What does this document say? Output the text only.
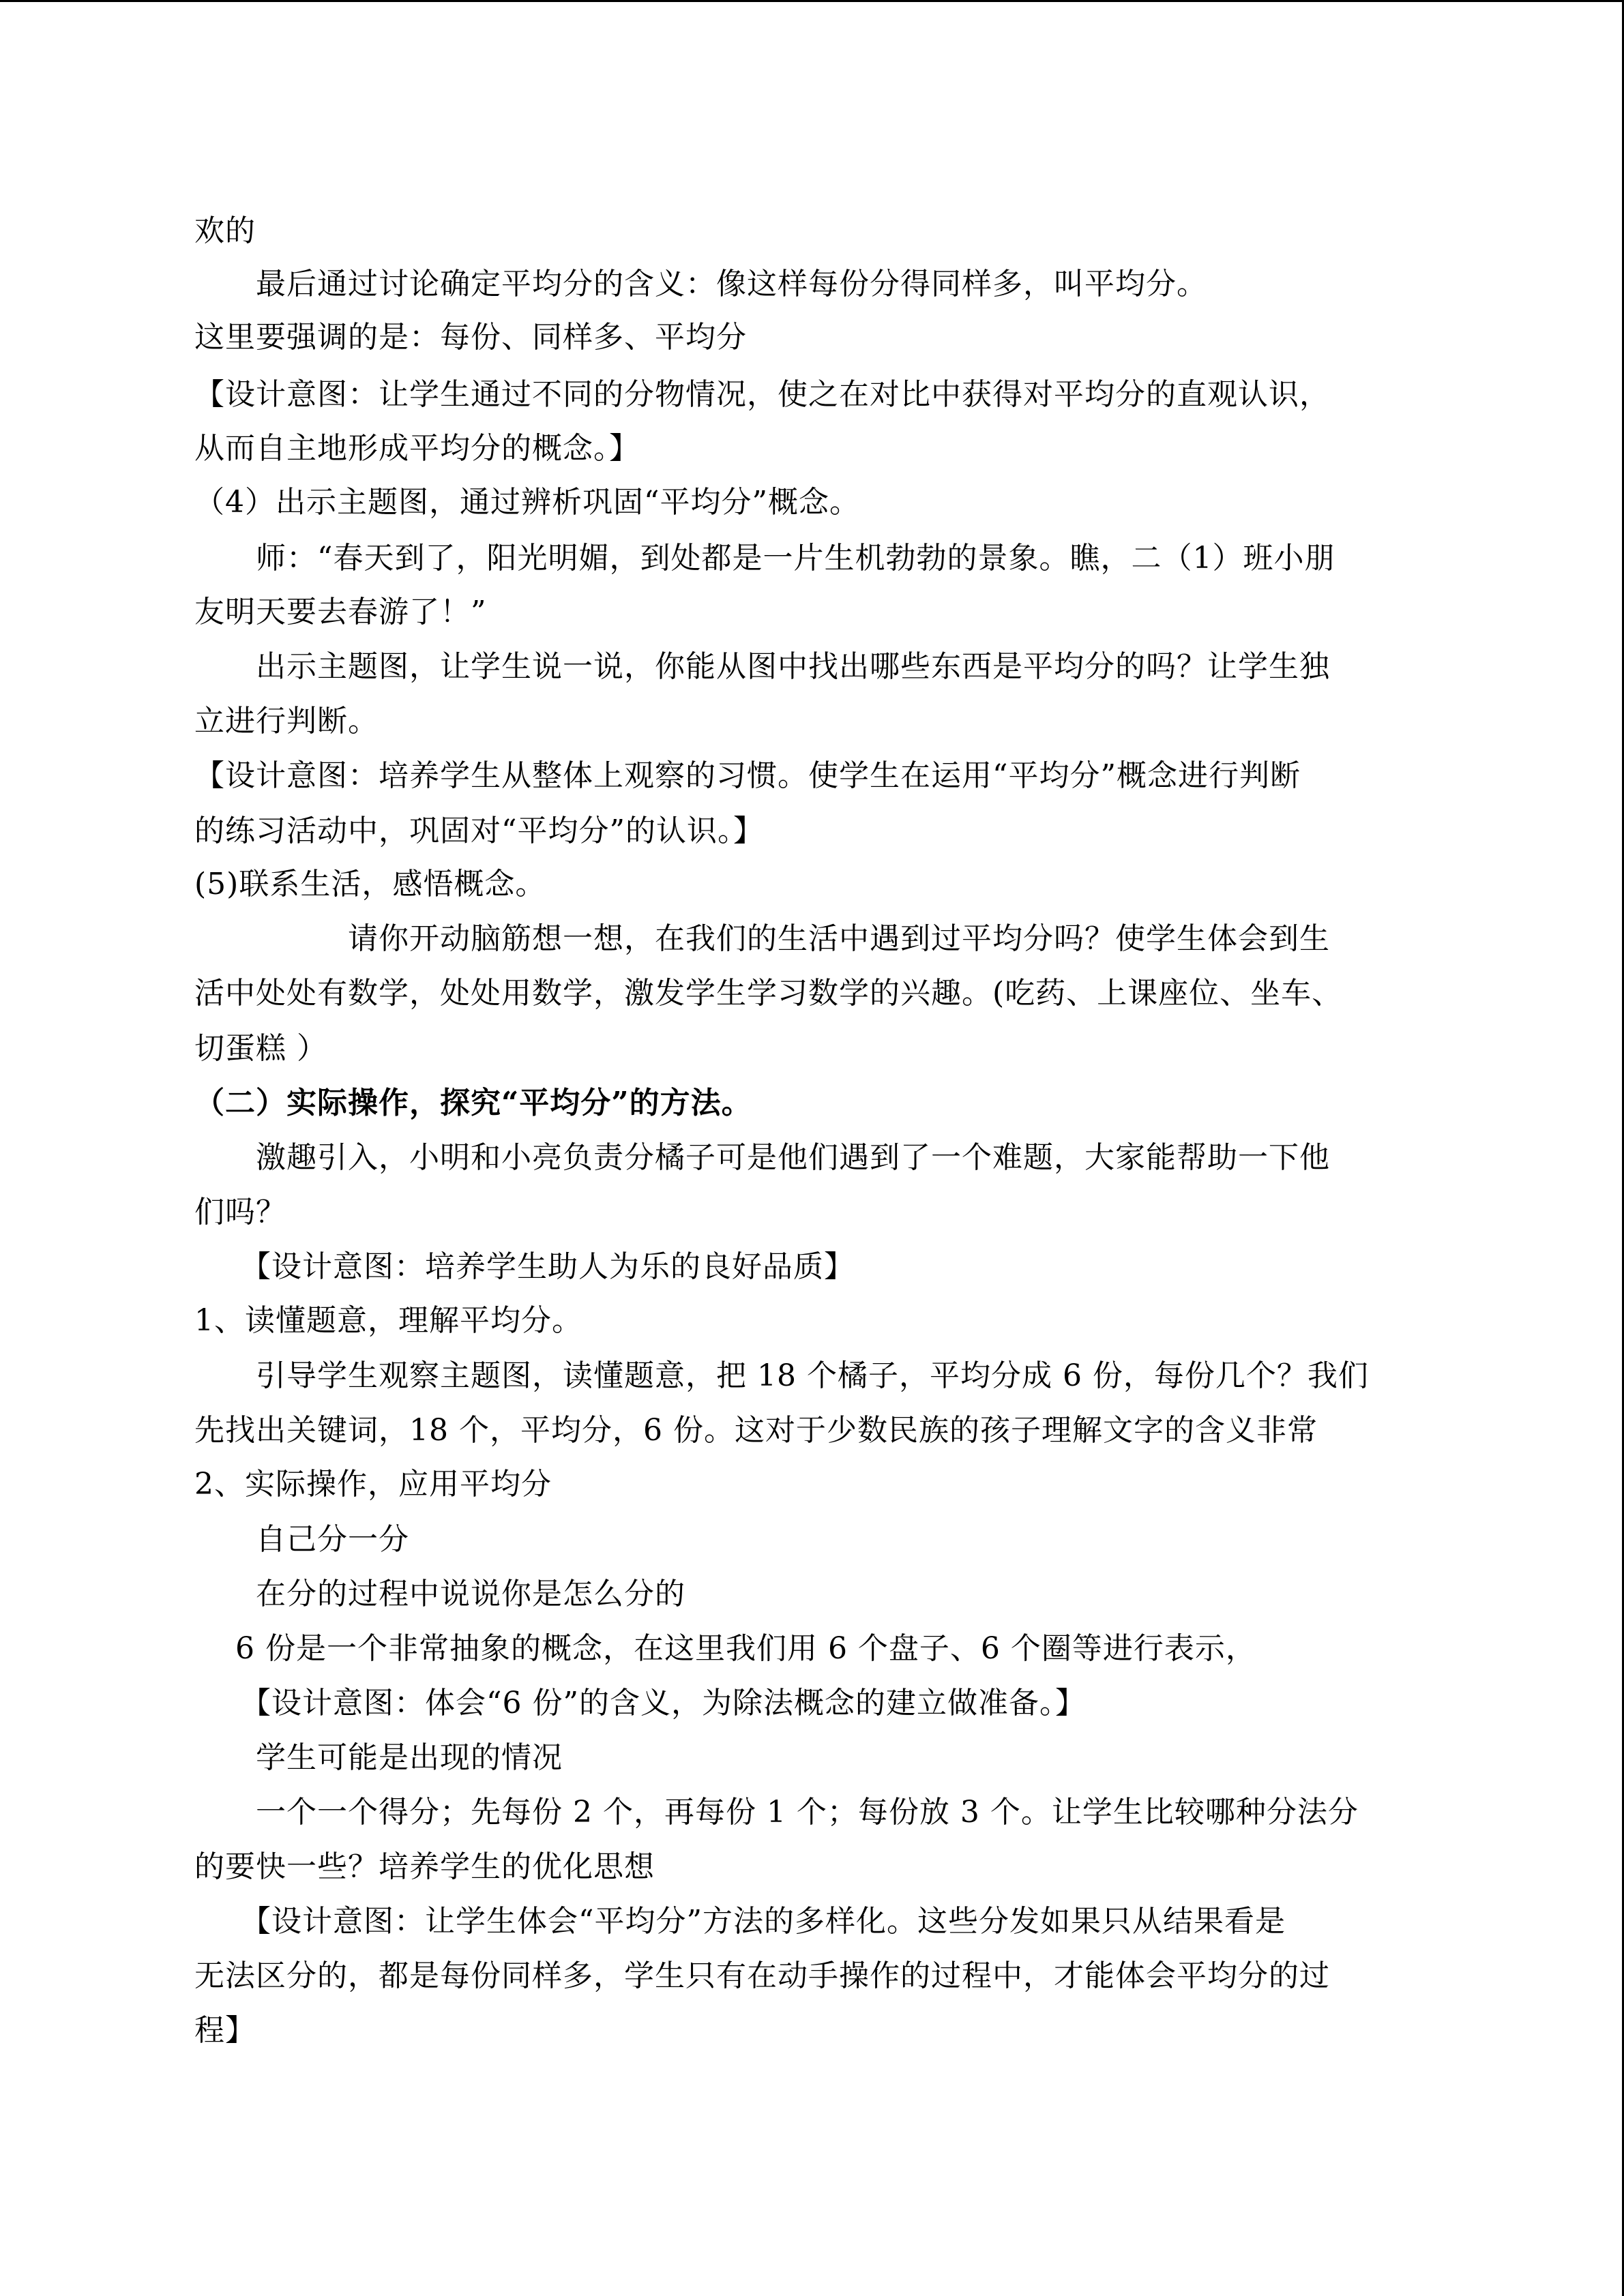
欢的
　　最后通过讨论确定平均分的含义：像这样每份分得同样多，叫平均分。
这里要强调的是：每份、同样多、平均分
【设计意图：让学生通过不同的分物情况，使之在对比中获得对平均分的直观认识，
从而自主地形成平均分的概念。】
（4）出示主题图，通过辨析巩固“平均分”概念。
　　师：“春天到了，阳光明媚，到处都是一片生机勃勃的景象。瞧，二（1）班小朋
友明天要去春游了！”
　　出示主题图，让学生说一说，你能从图中找出哪些东西是平均分的吗？让学生独
立进行判断。
【设计意图：培养学生从整体上观察的习惯。使学生在运用“平均分”概念进行判断
的练习活动中，巩固对“平均分”的认识。】
(5)联系生活，感悟概念。
　　　　　请你开动脑筋想一想，在我们的生活中遇到过平均分吗？使学生体会到生
活中处处有数学，处处用数学，激发学生学习数学的兴趣。(吃药、上课座位、坐车、
切蛋糕 ）
（二）实际操作，探究“平均分”的方法。
　　激趣引入，小明和小亮负责分橘子可是他们遇到了一个难题，大家能帮助一下他
们吗？
　　【设计意图：培养学生助人为乐的良好品质】
1、读懂题意，理解平均分。
　　引导学生观察主题图，读懂题意，把 18 个橘子，平均分成 6 份，每份几个？我们
先找出关键词，18 个，平均分，6 份。这对于少数民族的孩子理解文字的含义非常
2、实际操作，应用平均分
　　自己分一分
　　在分的过程中说说你是怎么分的
　 6 份是一个非常抽象的概念，在这里我们用 6 个盘子、6 个圈等进行表示，
　　【设计意图：体会“6 份”的含义，为除法概念的建立做准备。】
　　学生可能是出现的情况
　　一个一个得分；先每份 2 个，再每份 1 个；每份放 3 个。让学生比较哪种分法分
的要快一些？培养学生的优化思想
　　【设计意图：让学生体会“平均分”方法的多样化。这些分发如果只从结果看是
无法区分的，都是每份同样多，学生只有在动手操作的过程中，才能体会平均分的过
程】
